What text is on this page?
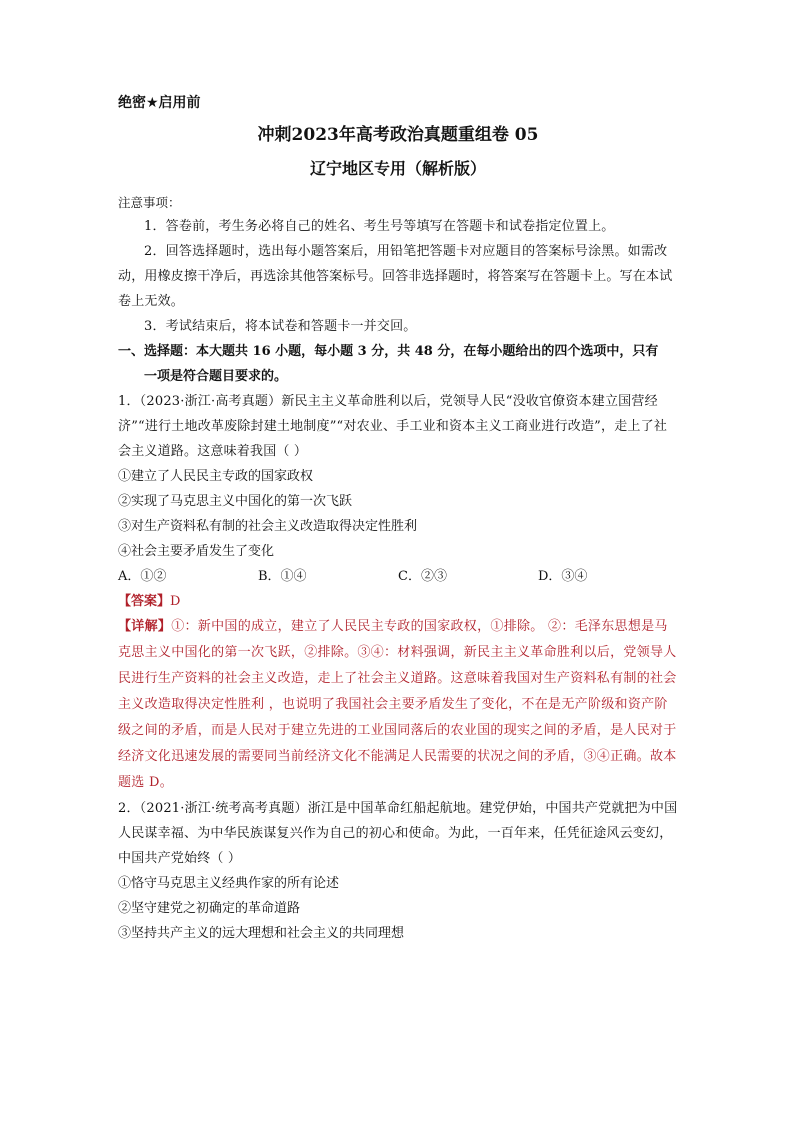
绝密★启用前
冲刺2023年高考政治真题重组卷 05
辽宁地区专用（解析版）
注意事项：
1．答卷前，考生务必将自己的姓名、考生号等填写在答题卡和试卷指定位置上。
2．回答选择题时，选出每小题答案后，用铅笔把答题卡对应题目的答案标号涂黑。如需改动，用橡皮擦干净后，再选涂其他答案标号。回答非选择题时，将答案写在答题卡上。写在本试卷上无效。
3．考试结束后，将本试卷和答题卡一并交回。
一、选择题：本大题共 16 小题，每小题 3 分，共 48 分，在每小题给出的四个选项中，只有
一项是符合题目要求的。
1．（2023·浙江·高考真题）新民主主义革命胜利以后，党领导人民“没收官僚资本建立国营经济”“进行土地改革废除封建土地制度”“对农业、手工业和资本主义工商业进行改造”，走上了社会主义道路。这意味着我国（ ）
①建立了人民民主专政的国家政权
②实现了马克思主义中国化的第一次飞跃
③对生产资料私有制的社会主义改造取得决定性胜利
④社会主要矛盾发生了变化
A．①②	B．①④	C．②③	D．③④
【答案】D
【详解】①：新中国的成立，建立了人民民主专政的国家政权，①排除。 ②：毛泽东思想是马克思主义中国化的第一次飞跃，②排除。③④：材料强调，新民主主义革命胜利以后，党领导人民进行生产资料的社会主义改造，走上了社会主义道路。这意味着我国对生产资料私有制的社会主义改造取得决定性胜利 ，也说明了我国社会主要矛盾发生了变化，不在是无产阶级和资产阶级之间的矛盾，而是人民对于建立先进的工业国同落后的农业国的现实之间的矛盾，是人民对于经济文化迅速发展的需要同当前经济文化不能满足人民需要的状况之间的矛盾，③④正确。故本题选 D。
2．（2021·浙江·统考高考真题）浙江是中国革命红船起航地。建党伊始，中国共产党就把为中国人民谋幸福、为中华民族谋复兴作为自己的初心和使命。为此，一百年来，任凭征途风云变幻，中国共产党始终（ ）
①恪守马克思主义经典作家的所有论述
②坚守建党之初确定的革命道路
③坚持共产主义的远大理想和社会主义的共同理想
